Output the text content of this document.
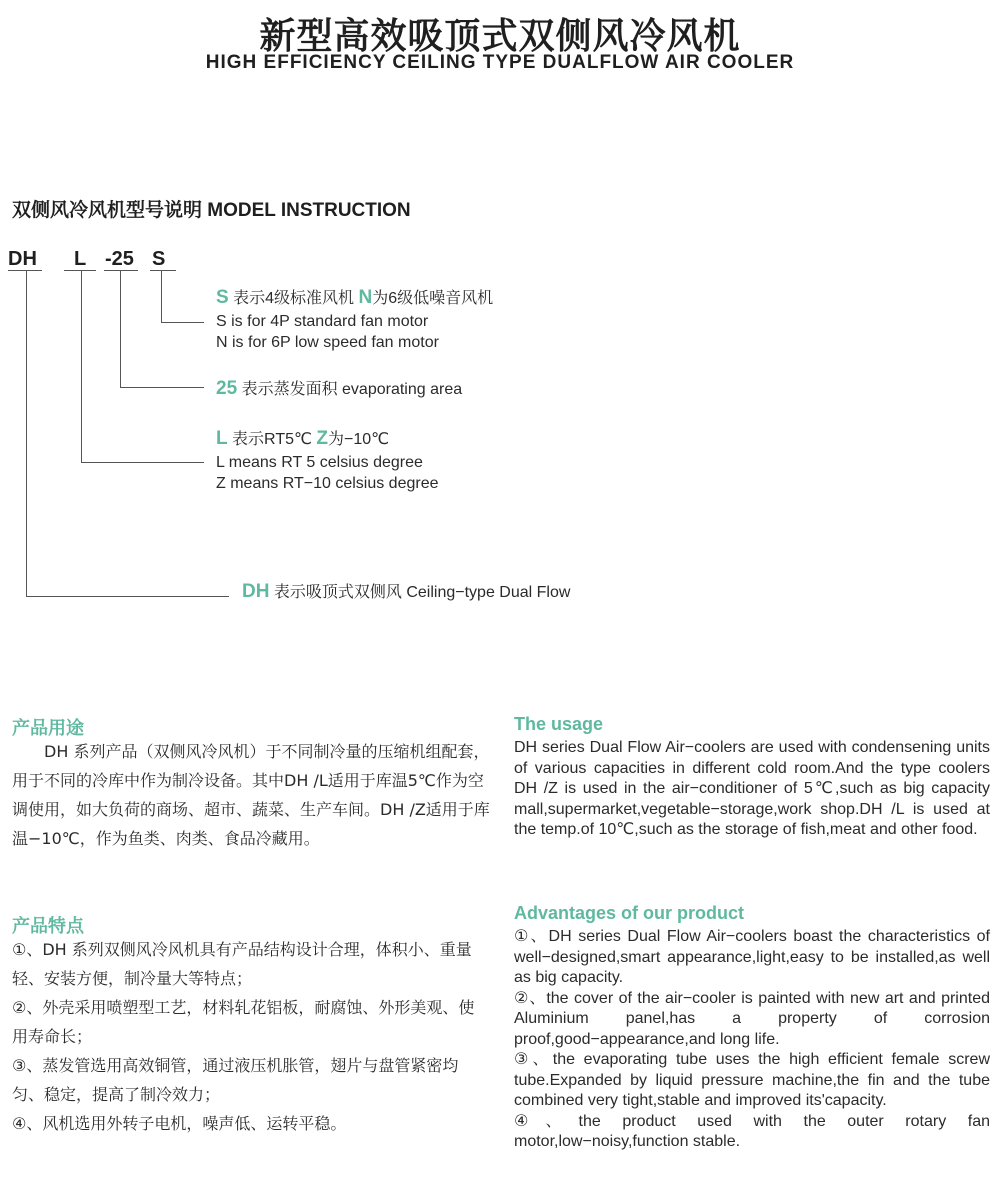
新型高效吸顶式双侧风冷风机
HIGH EFFICIENCY CEILING TYPE DUALFLOW AIR COOLER
双侧风冷风机型号说明 MODEL INSTRUCTION
DH L -25 S
S 表示4级标准风机 N为6级低噪音风机
S is for 4P standard fan motor
N is for 6P low speed fan motor
25 表示蒸发面积 evaporating area
L 表示RT5℃ Z为−10℃
L means RT 5 celsius degree
Z means RT−10 celsius degree
DH 表示吸顶式双侧风 Ceiling−type Dual Flow
产品用途

DH 系列产品（双侧风冷风机）于不同制冷量的压缩机组配套，用于不同的冷库中作为制冷设备。其中DH /L适用于库温5℃作为空调使用，如大负荷的商场、超市、蔬菜、生产车间。DH /Z适用于库温−10℃，作为鱼类、肉类、食品冷藏用。

产品特点

①、DH 系列双侧风冷风机具有产品结构设计合理，体积小、重量轻、安装方便，制冷量大等特点；

②、外壳采用喷塑型工艺，材料轧花铝板，耐腐蚀、外形美观、使用寿命长；

③、蒸发管选用高效铜管，通过液压机胀管，翅片与盘管紧密均匀、稳定，提高了制冷效力；

④、风机选用外转子电机，噪声低、运转平稳。

The usage

DH series Dual Flow Air−coolers are used with condensening units of various capacities in different cold room.And the type coolers DH /Z is used in the air−conditioner of 5℃,such as big capacity mall,supermarket,vegetable−storage,work shop.DH /L is used at the temp.of 10℃,such as the storage of fish,meat and other food.

Advantages of our product

①、DH series Dual Flow Air−coolers boast the characteristics of well−designed,smart appearance,light,easy to be installed,as well as big capacity.

②、the cover of the air−cooler is painted with new art and printed Aluminium panel,has a property of corrosion proof,good−appearance,and long life.

③、the evaporating tube uses the high efficient female screw tube.Expanded by liquid pressure machine,the fin and the tube combined very tight,stable and improved its'capacity.

④、the product used with the outer rotary fan motor,low−noisy,function stable.
